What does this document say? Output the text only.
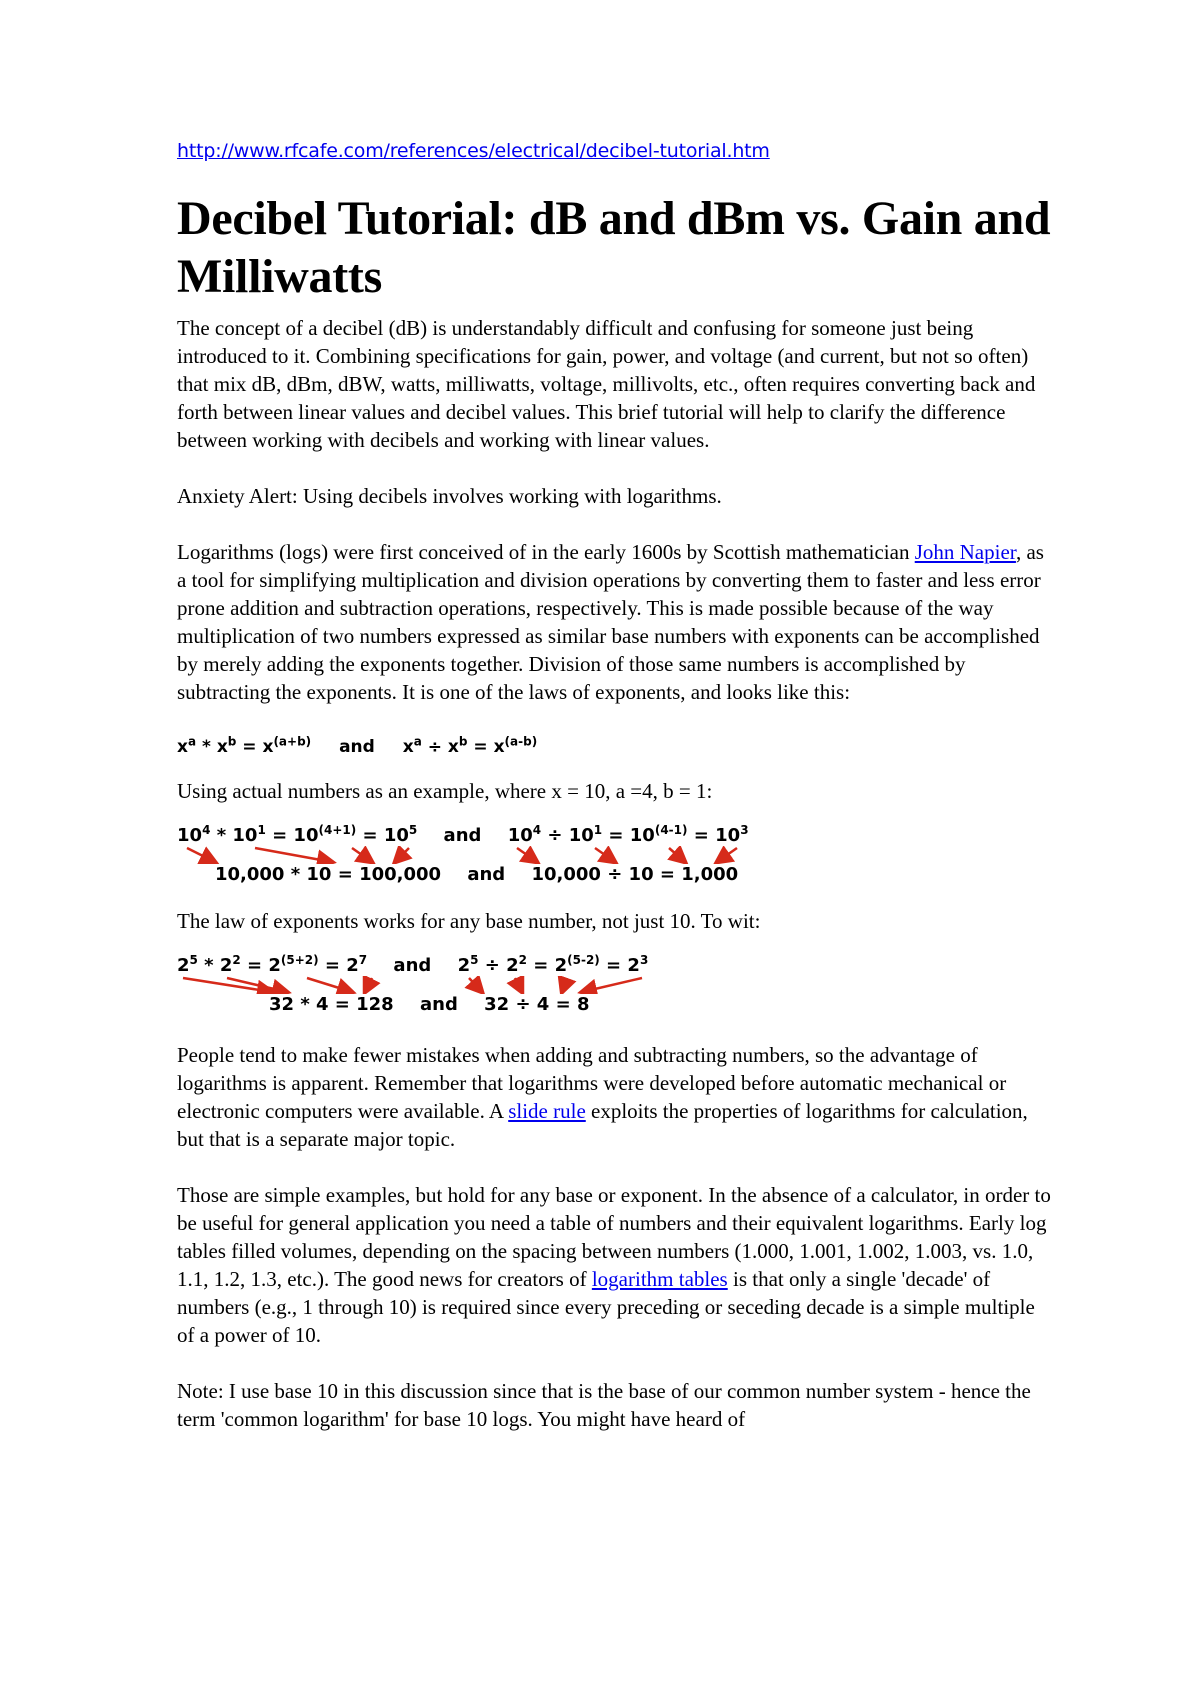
http://www.rfcafe.com/references/electrical/decibel-tutorial.htm
Decibel Tutorial: dB and dBm vs. Gain and Milliwatts

The concept of a decibel (dB) is understandably difficult and confusing for someone just being introduced to it. Combining specifications for gain, power, and voltage (and current, but not so often) that mix dB, dBm, dBW, watts, milliwatts, voltage, millivolts, etc., often requires converting back and forth between linear values and decibel values. This brief tutorial will help to clarify the difference between working with decibels and working with linear values.

Anxiety Alert: Using decibels involves working with logarithms.

Logarithms (logs) were first conceived of in the early 1600s by Scottish mathematician John Napier, as a tool for simplifying multiplication and division operations by converting them to faster and less error prone addition and subtraction operations, respectively. This is made possible because of the way multiplication of two numbers expressed as similar base numbers with exponents can be accomplished by merely adding the exponents together. Division of those same numbers is accomplished by subtracting the exponents. It is one of the laws of exponents, and looks like this:

$x^a * x^b = x^{(a+b)}$ and $x^a \div x^b = x^{(a-b)}$

Using actual numbers as an example, where x = 10, a =4, b = 1:

$10^4 * 10^1 = 10^{(4+1)} = 10^5$ and $10^4 \div 10^1 = 10^{(4-1)} = 10^3$
10,000 * 10 = 100,000 and 10,000 ÷ 10 = 1,000

The law of exponents works for any base number, not just 10. To wit:

$2^5 * 2^2 = 2^{(5+2)} = 2^7$ and $2^5 \div 2^2 = 2^{(5-2)} = 2^3$
32 * 4 = 128 and 32 ÷ 4 = 8

People tend to make fewer mistakes when adding and subtracting numbers, so the advantage of logarithms is apparent. Remember that logarithms were developed before automatic mechanical or electronic computers were available. A slide rule exploits the properties of logarithms for calculation, but that is a separate major topic.

Those are simple examples, but hold for any base or exponent. In the absence of a calculator, in order to be useful for general application you need a table of numbers and their equivalent logarithms. Early log tables filled volumes, depending on the spacing between numbers (1.000, 1.001, 1.002, 1.003, vs. 1.0, 1.1, 1.2, 1.3, etc.). The good news for creators of logarithm tables is that only a single 'decade' of numbers (e.g., 1 through 10) is required since every preceding or seceding decade is a simple multiple of a power of 10.

Note: I use base 10 in this discussion since that is the base of our common number system - hence the term 'common logarithm' for base 10 logs. You might have heard of
